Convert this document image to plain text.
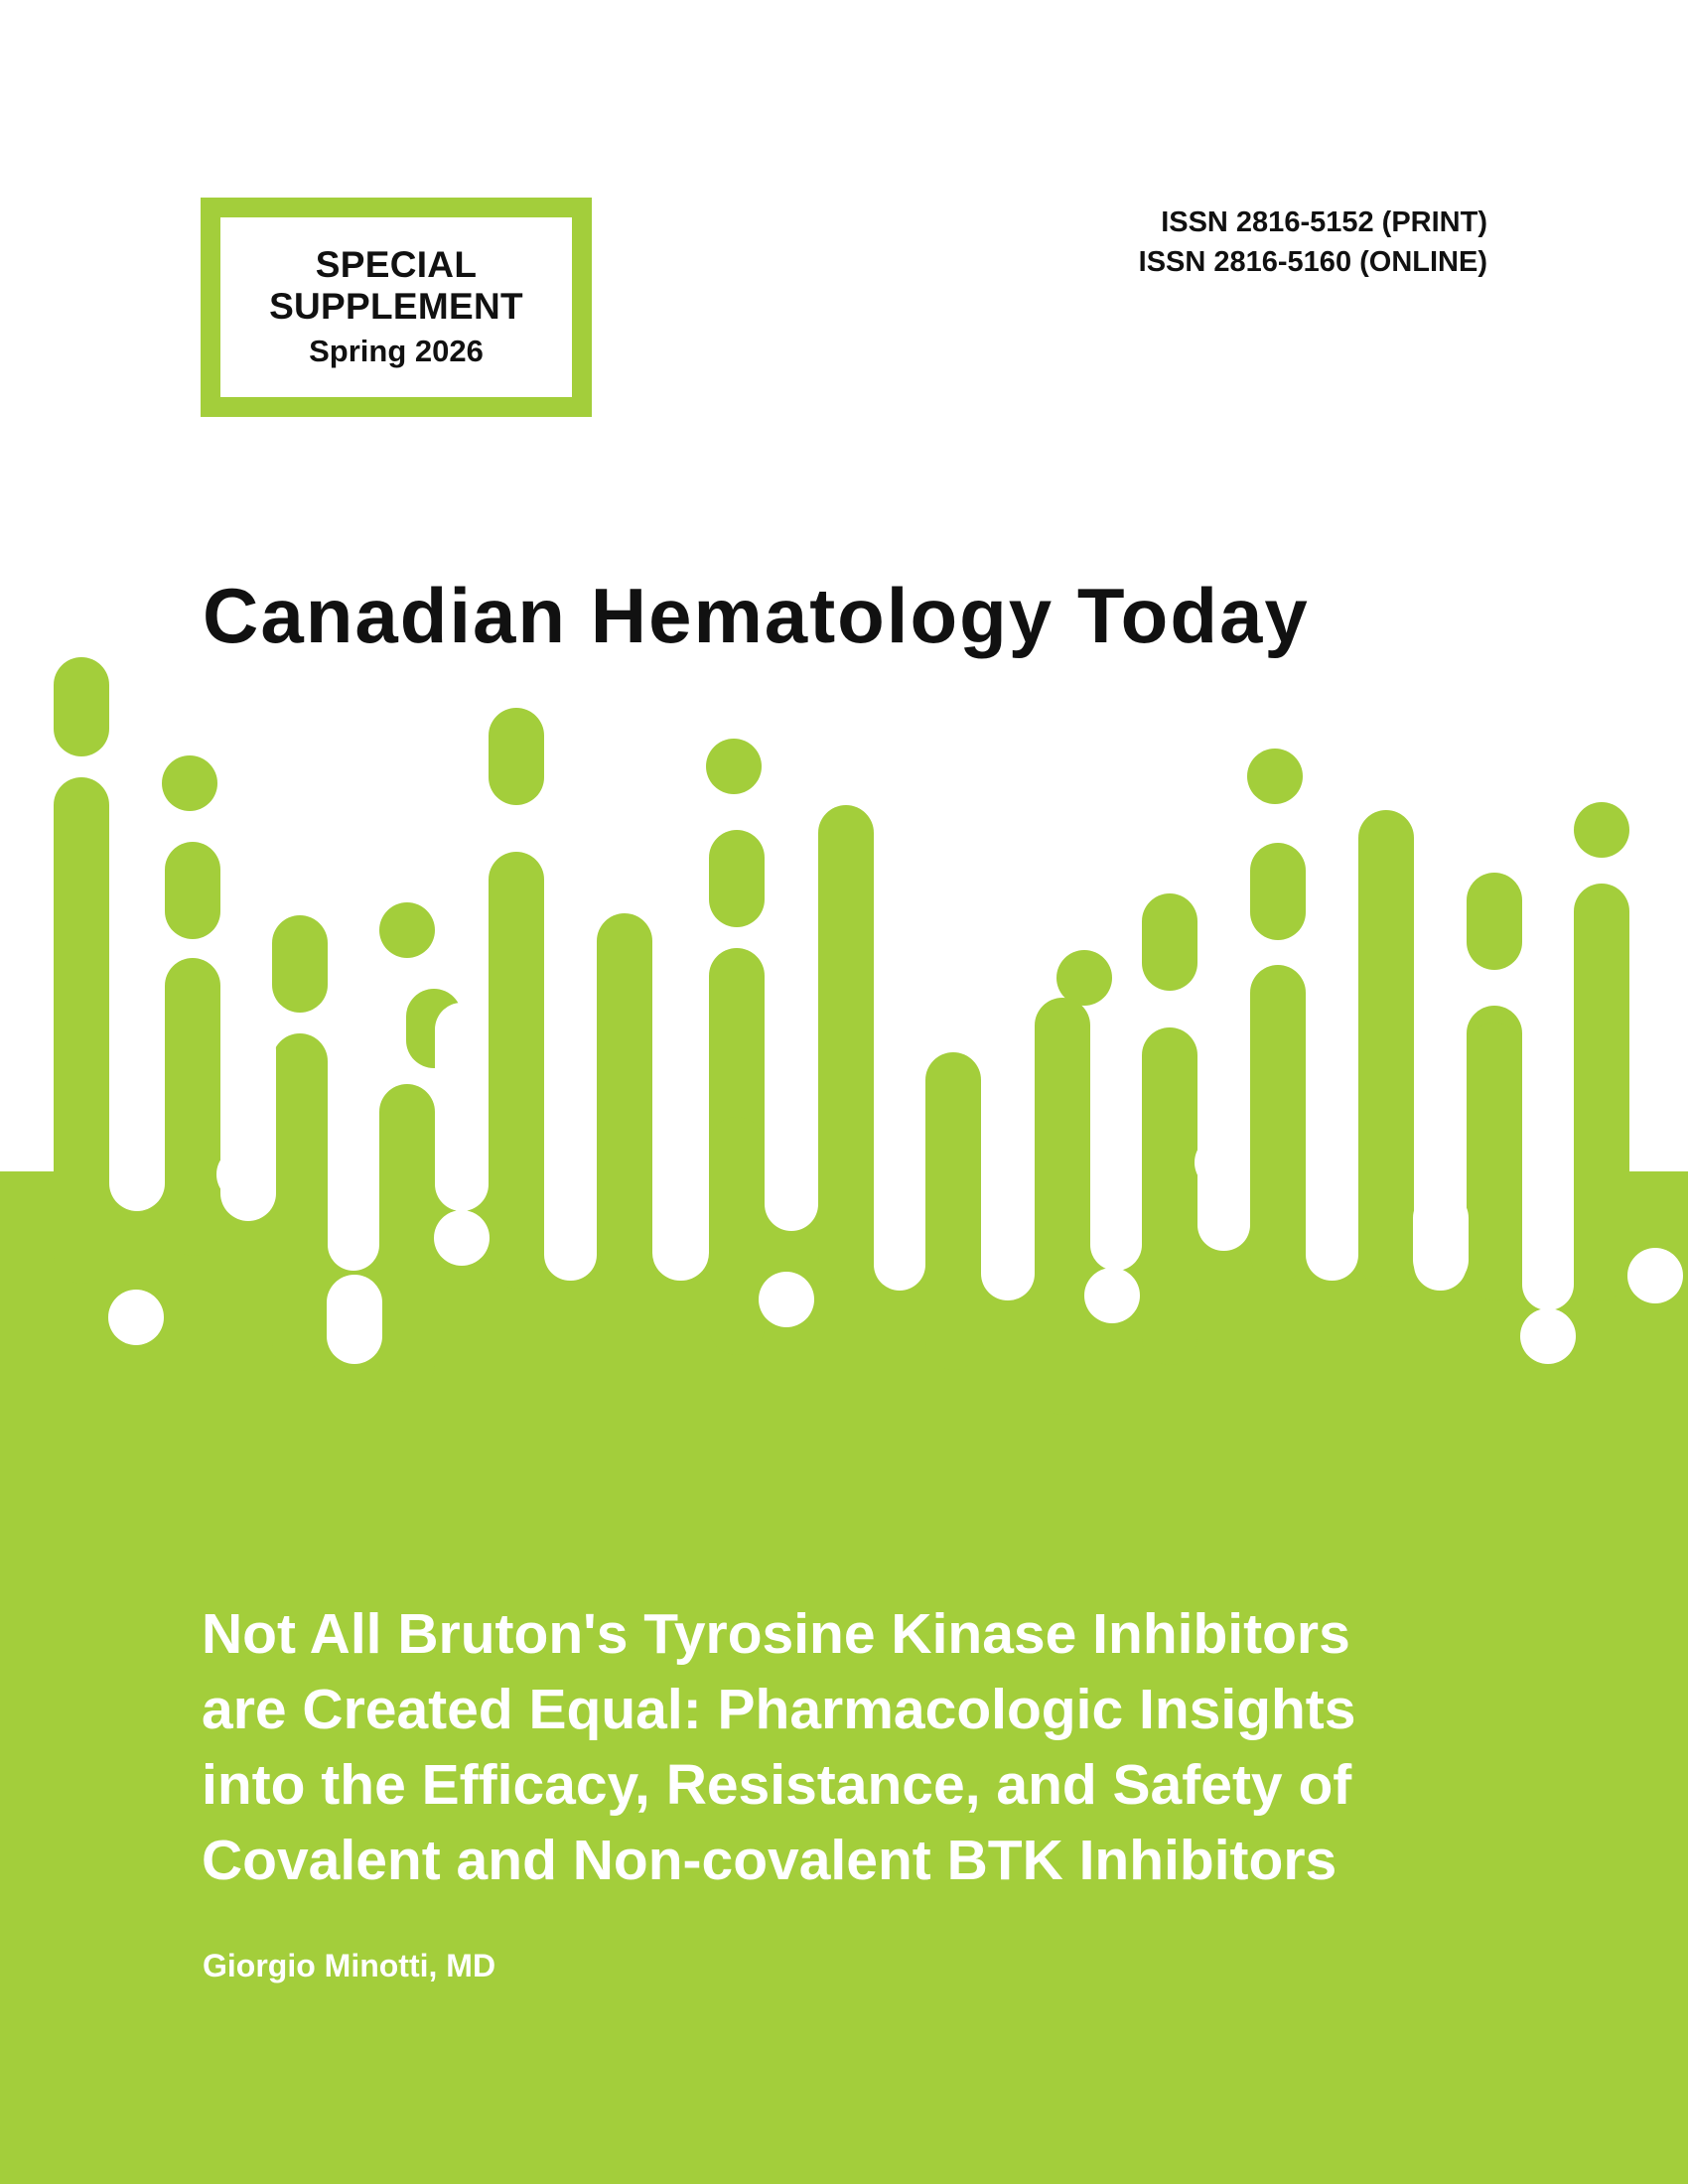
SPECIAL
SUPPLEMENT
Spring 2026
ISSN 2816-5152 (PRINT)
ISSN 2816-5160 (ONLINE)
Canadian Hematology Today
Not All Bruton's Tyrosine Kinase Inhibitors
are Created Equal: Pharmacologic Insights
into the Efficacy, Resistance, and Safety of
Covalent and Non-covalent BTK Inhibitors
Giorgio Minotti, MD
